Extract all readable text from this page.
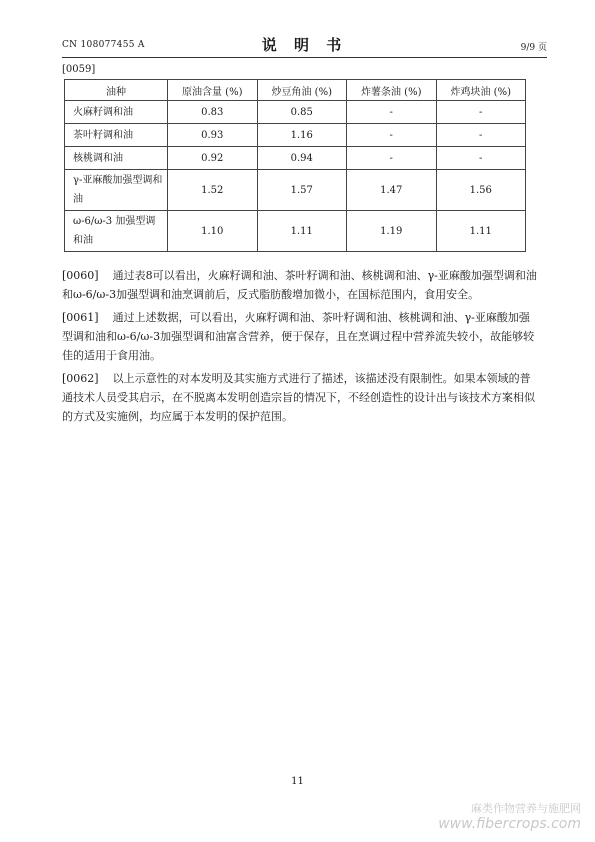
CN 108077455 A	说 明 书	9/9 页
[0059]
油种	原油含量 (%)	炒豆角油 (%)	炸薯条油 (%)	炸鸡块油 (%)
火麻籽调和油	0.83	0.85	-	-
茶叶籽调和油	0.93	1.16	-	-
核桃调和油	0.92	0.94	-	-
γ-亚麻酸加强型调和油	1.52	1.57	1.47	1.56
ω-6/ω-3 加强型调和油	1.10	1.11	1.19	1.11

[0060] 通过表8可以看出，火麻籽调和油、茶叶籽调和油、核桃调和油、γ-亚麻酸加强型调和油和ω-6/ω-3加强型调和油烹调前后，反式脂肪酸增加微小，在国标范围内，食用安全。

[0061] 通过上述数据，可以看出，火麻籽调和油、茶叶籽调和油、核桃调和油、γ-亚麻酸加强型调和油和ω-6/ω-3加强型调和油富含营养，便于保存，且在烹调过程中营养流失较小，故能够较佳的适用于食用油。

[0062] 以上示意性的对本发明及其实施方式进行了描述，该描述没有限制性。如果本领域的普通技术人员受其启示，在不脱离本发明创造宗旨的情况下，不经创造性的设计出与该技术方案相似的方式及实施例，均应属于本发明的保护范围。

11
麻类作物营养与施肥网
www.fibercrops.com
